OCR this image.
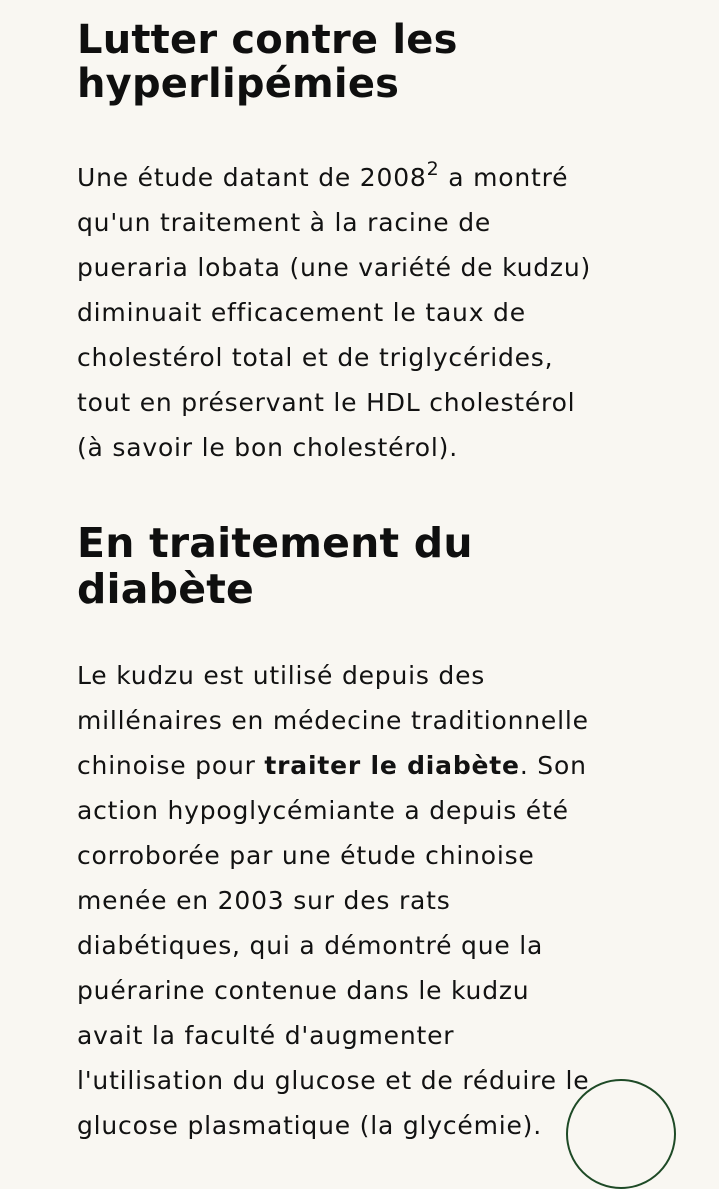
Lutter contre les
hyperlipémies

Une étude datant de 2008$^2$ a montré
qu'un traitement à la racine de
pueraria lobata (une variété de kudzu)
diminuait efficacement le taux de
cholestérol total et de triglycérides,
tout en préservant le HDL cholestérol
(à savoir le bon cholestérol).

En traitement du diabète

Le kudzu est utilisé depuis des
millénaires en médecine traditionnelle
chinoise pour traiter le diabète. Son
action hypoglycémiante a depuis été
corroborée par une étude chinoise
menée en 2003 sur des rats
diabétiques, qui a démontré que la
puérarine contenue dans le kudzu
avait la faculté d'augmenter
l'utilisation du glucose et de réduire le
glucose plasmatique (la glycémie).
